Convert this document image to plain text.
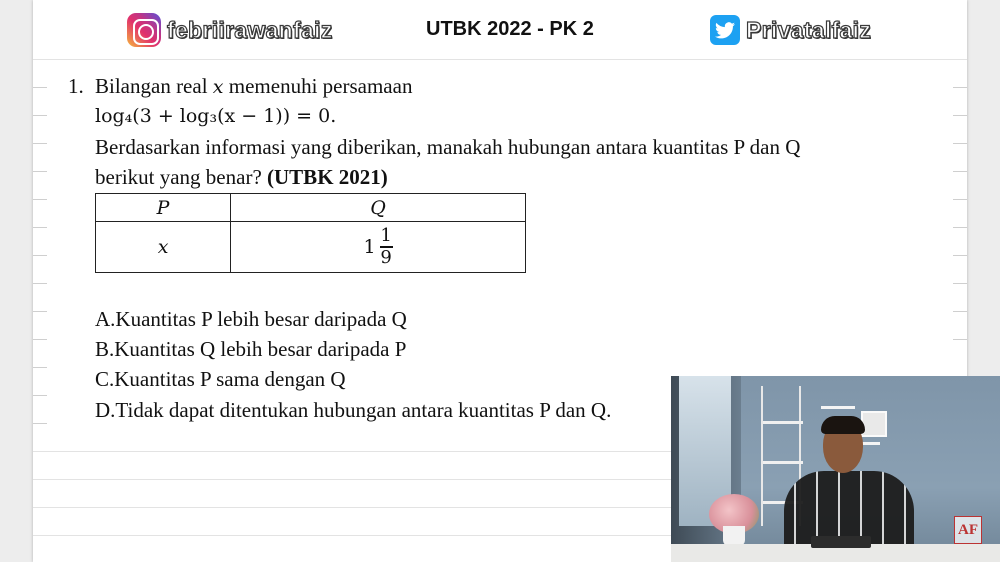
febriirawanfaiz	UTBK 2022 - PK 2	Privatalfaiz
1. Bilangan real x memenuhi persamaan
log₄(3 + log₃(x − 1)) = 0.
Berdasarkan informasi yang diberikan, manakah hubungan antara kuantitas P dan Q
berikut yang benar? (UTBK 2021)
P	Q
x	$1 \frac{1}{9}$
A.Kuantitas P lebih besar daripada Q
B.Kuantitas Q lebih besar daripada P
C.Kuantitas P sama dengan Q
D.Tidak dapat ditentukan hubungan antara kuantitas P dan Q.
AF
